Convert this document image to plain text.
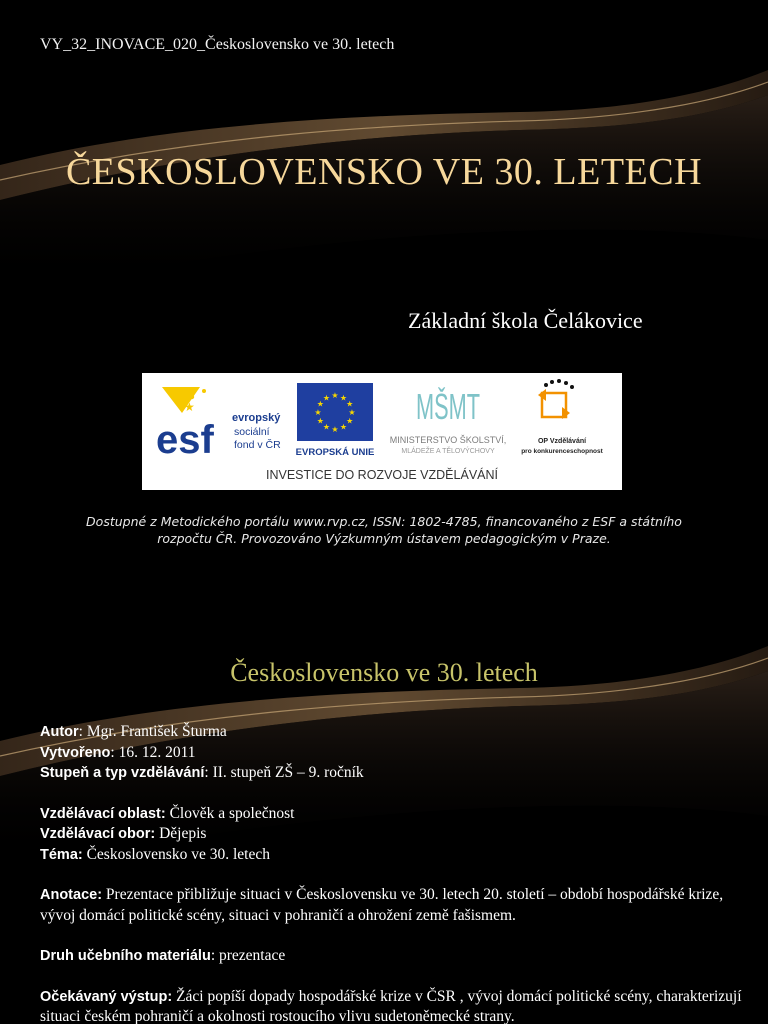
VY_32_INOVACE_020_Československo ve 30. letech
ČESKOSLOVENSKO VE 30. LETECH
Základní škola Čelákovice
esf
★
evropský
sociální
fond v ČR
★
★
★
★
★
★
★
★
★ ★ ★
★
EVROPSKÁ UNIE
MŠMT
MINISTERSTVO ŠKOLSTVÍ,
MLÁDEŽE A TĚLOVÝCHOVY
OP Vzdělávání
pro konkurenceschopnost
INVESTICE DO ROZVOJE VZDĚLÁVÁNÍ
Dostupné z Metodického portálu www.rvp.cz, ISSN: 1802-4785, financovaného z ESF a státního
rozpočtu ČR. Provozováno Výzkumným ústavem pedagogickým v Praze.
Československo ve 30. letech
Autor: Mgr. František Šturma
Vytvořeno: 16. 12. 2011
Stupeň a typ vzdělávání: II. stupeň ZŠ – 9. ročník
Vzdělávací oblast: Člověk a společnost
Vzdělávací obor: Dějepis
Téma: Československo ve 30. letech
Anotace: Prezentace přibližuje situaci v Československu ve 30. letech 20. století – období hospodářské krize, vývoj domácí politické scény, situaci v pohraničí a ohrožení země fašismem.
Druh učebního materiálu: prezentace
Očekávaný výstup: Žáci popíší dopady hospodářské krize v ČSR , vývoj domácí politické scény, charakterizují situaci českém pohraničí a okolnosti rostoucího vlivu sudetoněmecké strany.
